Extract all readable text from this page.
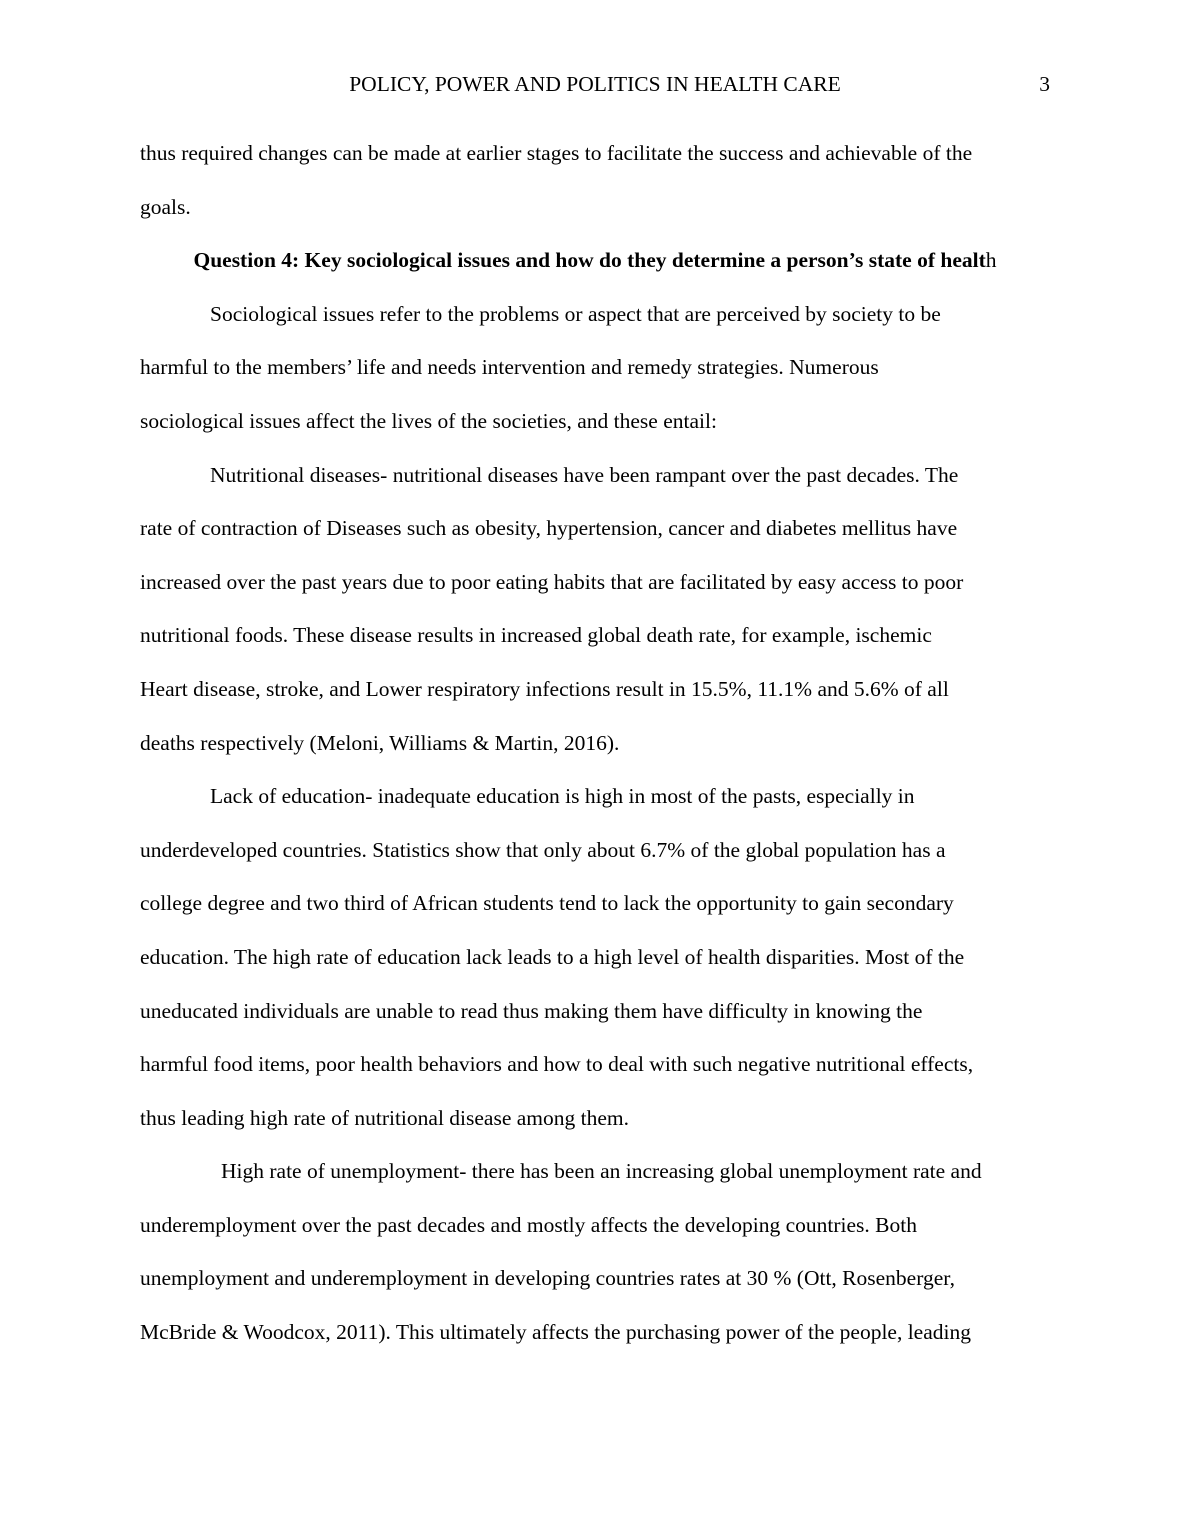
POLICY, POWER AND POLITICS IN HEALTH CARE	3
thus required changes can be made at earlier stages to facilitate the success and achievable of the
goals.
Question 4: Key sociological issues and how do they determine a person’s state of health
Sociological issues refer to the problems or aspect that are perceived by society to be
harmful to the members’ life and needs intervention and remedy strategies. Numerous
sociological issues affect the lives of the societies, and these entail:
Nutritional diseases- nutritional diseases have been rampant over the past decades. The
rate of contraction of Diseases such as obesity, hypertension, cancer and diabetes mellitus have
increased over the past years due to poor eating habits that are facilitated by easy access to poor
nutritional foods. These disease results in increased global death rate, for example, ischemic
Heart disease, stroke, and Lower respiratory infections result in 15.5%, 11.1% and 5.6% of all
deaths respectively (Meloni, Williams & Martin, 2016).
Lack of education- inadequate education is high in most of the pasts, especially in
underdeveloped countries. Statistics show that only about 6.7% of the global population has a
college degree and two third of African students tend to lack the opportunity to gain secondary
education. The high rate of education lack leads to a high level of health disparities. Most of the
uneducated individuals are unable to read thus making them have difficulty in knowing the
harmful food items, poor health behaviors and how to deal with such negative nutritional effects,
thus leading high rate of nutritional disease among them.
High rate of unemployment- there has been an increasing global unemployment rate and
underemployment over the past decades and mostly affects the developing countries. Both
unemployment and underemployment in developing countries rates at 30 % (Ott, Rosenberger,
McBride & Woodcox, 2011). This ultimately affects the purchasing power of the people, leading
